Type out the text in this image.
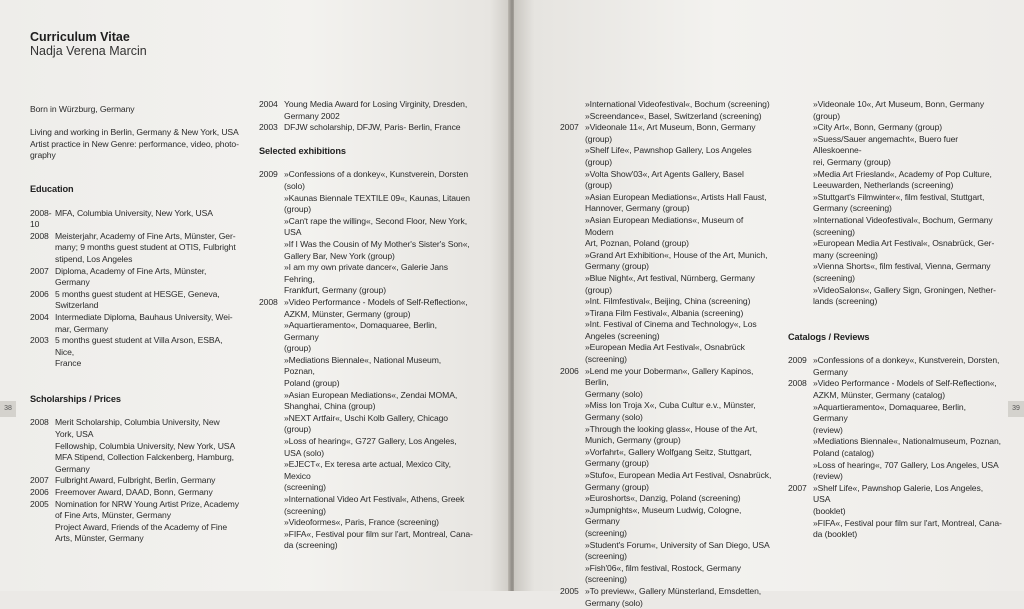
Curriculum Vitae
Nadja Verena Marcin

Born in Würzburg, Germany

Living and working in Berlin, Germany & New York, USA

Artist practice in New Genre: performance, video, photo-

graphy

Education

2008-10

MFA, Columbia University, New York, USA

2008 Meisterjahr, Academy of Fine Arts, Münster, Ger-

many; 9 months guest student at OTIS, Fulbright

stipend, Los Angeles

2007 Diploma, Academy of Fine Arts, Münster, Germany

2006 5 months guest student at HESGE, Geneva,

Switzerland

2004 Intermediate Diploma, Bauhaus University, Wei-

mar, Germany

2003 5 months guest student at Villa Arson, ESBA, Nice,

France

Scholarships / Prices

2008 Merit Scholarship, Columbia University, New

York, USA

Fellowship, Columbia University, New York, USA

MFA Stipend, Collection Falckenberg, Hamburg,

Germany

2007 Fulbright Award, Fulbright, Berlin, Germany

2006 Freemover Award, DAAD, Bonn, Germany

2005 Nomination for NRW Young Artist Prize, Academy

of Fine Arts, Münster, Germany

Project Award, Friends of the Academy of Fine

Arts, Münster, Germany

2004 Young Media Award for Losing Virginity, Dresden,

Germany 2002

2003 DFJW scholarship, DFJW, Paris- Berlin, France

Selected exhibitions

2009 »Confessions of a donkey«, Kunstverein, Dorsten

(solo)

»Kaunas Biennale TEXTILE 09«, Kaunas, Litauen

(group)

»Can't rape the willing«, Second Floor, New York,

USA

»If I Was the Cousin of My Mother's Sister's Son«,

Gallery Bar, New York (group)

»I am my own private dancer«, Galerie Jans Fehring,

Frankfurt, Germany (group)

2008 »Video Performance - Models of Self-Reflection«,

AZKM, Münster, Germany (group)

»Aquartieramento«, Domaquaree, Berlin, Germany

(group)

»Mediations Biennale«, National Museum, Poznan,

Poland (group)

»Asian European Mediations«, Zendai MOMA,

Shanghai, China (group)

»NEXT Artfair«, Uschi Kolb Gallery, Chicago (group)

»Loss of hearing«, G727 Gallery, Los Angeles,

USA (solo)

»EJECT«, Ex teresa arte actual, Mexico City, Mexico

(screening)

»International Video Art Festival«, Athens, Greek

(screening)

»Videoformes«, Paris, France (screening)

»FIFA«, Festival pour film sur l'art, Montreal, Cana-

da (screening)

38

»International Videofestival«, Bochum (screening)

»Screendance«, Basel, Switzerland (screening)

2007 »Videonale 11«, Art Museum, Bonn, Germany (group)

»Shelf Life«, Pawnshop Gallery, Los Angeles (group)

»Volta Show'03«, Art Agents Gallery, Basel (group)

»Asian European Mediations«, Artists Hall Faust,

Hannover, Germany (group)

»Asian European Mediations«, Museum of Modern

Art, Poznan, Poland (group)

»Grand Art Exhibition«, House of the Art, Munich,

Germany (group)

»Blue Night«, Art festival, Nürnberg, Germany (group)

»Int. Filmfestival«, Beijing, China (screening)

»Tirana Film Festival«, Albania (screening)

»Int. Festival of Cinema and Technology«, Los

Angeles (screening)

»European Media Art Festival«, Osnabrück (screening)

2006 »Lend me your Doberman«, Gallery Kapinos, Berlin,

Germany (solo)

»Miss Ion Troja X«, Cuba Cultur e.v., Münster,

Germany (solo)

»Through the looking glass«, House of the Art,

Munich, Germany (group)

»Vorfahrt«, Gallery Wolfgang Seitz, Stuttgart,

Germany (group)

»Stufo«, European Media Art Festival, Osnabrück,

Germany (group)

»Euroshorts«, Danzig, Poland (screening)

»Jumpnights«, Museum Ludwig, Cologne, Germany

(screening)

»Student's Forum«, University of San Diego, USA

(screening)

»Fish'06«, film festival, Rostock, Germany (screening)

2005 »To preview«, Gallery Münsterland, Emsdetten,

Germany (solo)

»Videonale 10«, Art Museum, Bonn, Germany

(group)

»City Art«, Bonn, Germany (group)

»Suess/Sauer angemacht«, Buero fuer Alleskoenne-

rei, Germany (group)

»Media Art Friesland«, Academy of Pop Culture,

Leeuwarden, Netherlands (screening)

»Stuttgart's Filmwinter«, film festival, Stuttgart,

Germany (screening)

»International Videofestival«, Bochum, Germany

(screening)

»European Media Art Festival«, Osnabrück, Ger-

many (screening)

»Vienna Shorts«, film festival, Vienna, Germany

(screening)

»VideoSalons«, Gallery Sign, Groningen, Nether-

lands (screening)

Catalogs / Reviews

2009 »Confessions of a donkey«, Kunstverein, Dorsten,

Germany

2008 »Video Performance - Models of Self-Reflection«,

AZKM, Münster, Germany (catalog)

»Aquartieramento«, Domaquaree, Berlin, Germany

(review)

»Mediations Biennale«, Nationalmuseum, Poznan,

Poland (catalog)

»Loss of hearing«, 707 Gallery, Los Angeles, USA

(review)

2007 »Shelf Life«, Pawnshop Galerie, Los Angeles, USA

(booklet)

»FIFA«, Festival pour film sur l'art, Montreal, Cana-

da (booklet)

39
